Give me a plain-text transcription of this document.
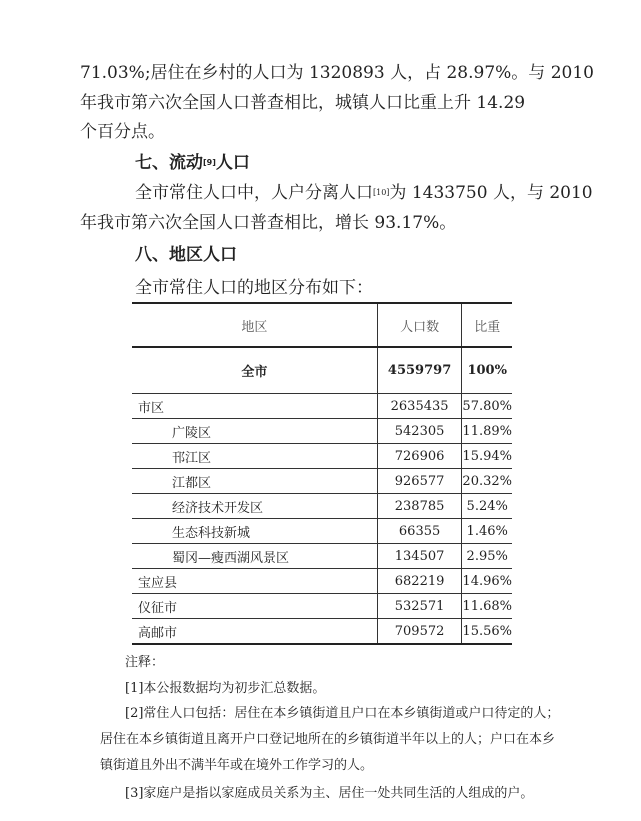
71.03%;居住在乡村的人口为 1320893 人，占 28.97%。与 2010
年我市第六次全国人口普查相比，城镇人口比重上升 14.29
个百分点。
七、流动[9]人口
全市常住人口中，人户分离人口[10]为 1433750 人，与 2010
年我市第六次全国人口普查相比，增长 93.17%。
八、地区人口
全市常住人口的地区分布如下：
地区	人口数	比重
全市	4559797	100%
市区	2635435	57.80%
广陵区	542305	11.89%
邗江区	726906	15.94%
江都区	926577	20.32%
经济技术开发区	238785	5.24%
生态科技新城	66355	1.46%
蜀冈—瘦西湖风景区	134507	2.95%
宝应县	682219	14.96%
仪征市	532571	11.68%
高邮市	709572	15.56%
注释：
[1]本公报数据均为初步汇总数据。
[2]常住人口包括：居住在本乡镇街道且户口在本乡镇街道或户口待定的人；
居住在本乡镇街道且离开户口登记地所在的乡镇街道半年以上的人；户口在本乡
镇街道且外出不满半年或在境外工作学习的人。
[3]家庭户是指以家庭成员关系为主、居住一处共同生活的人组成的户。
